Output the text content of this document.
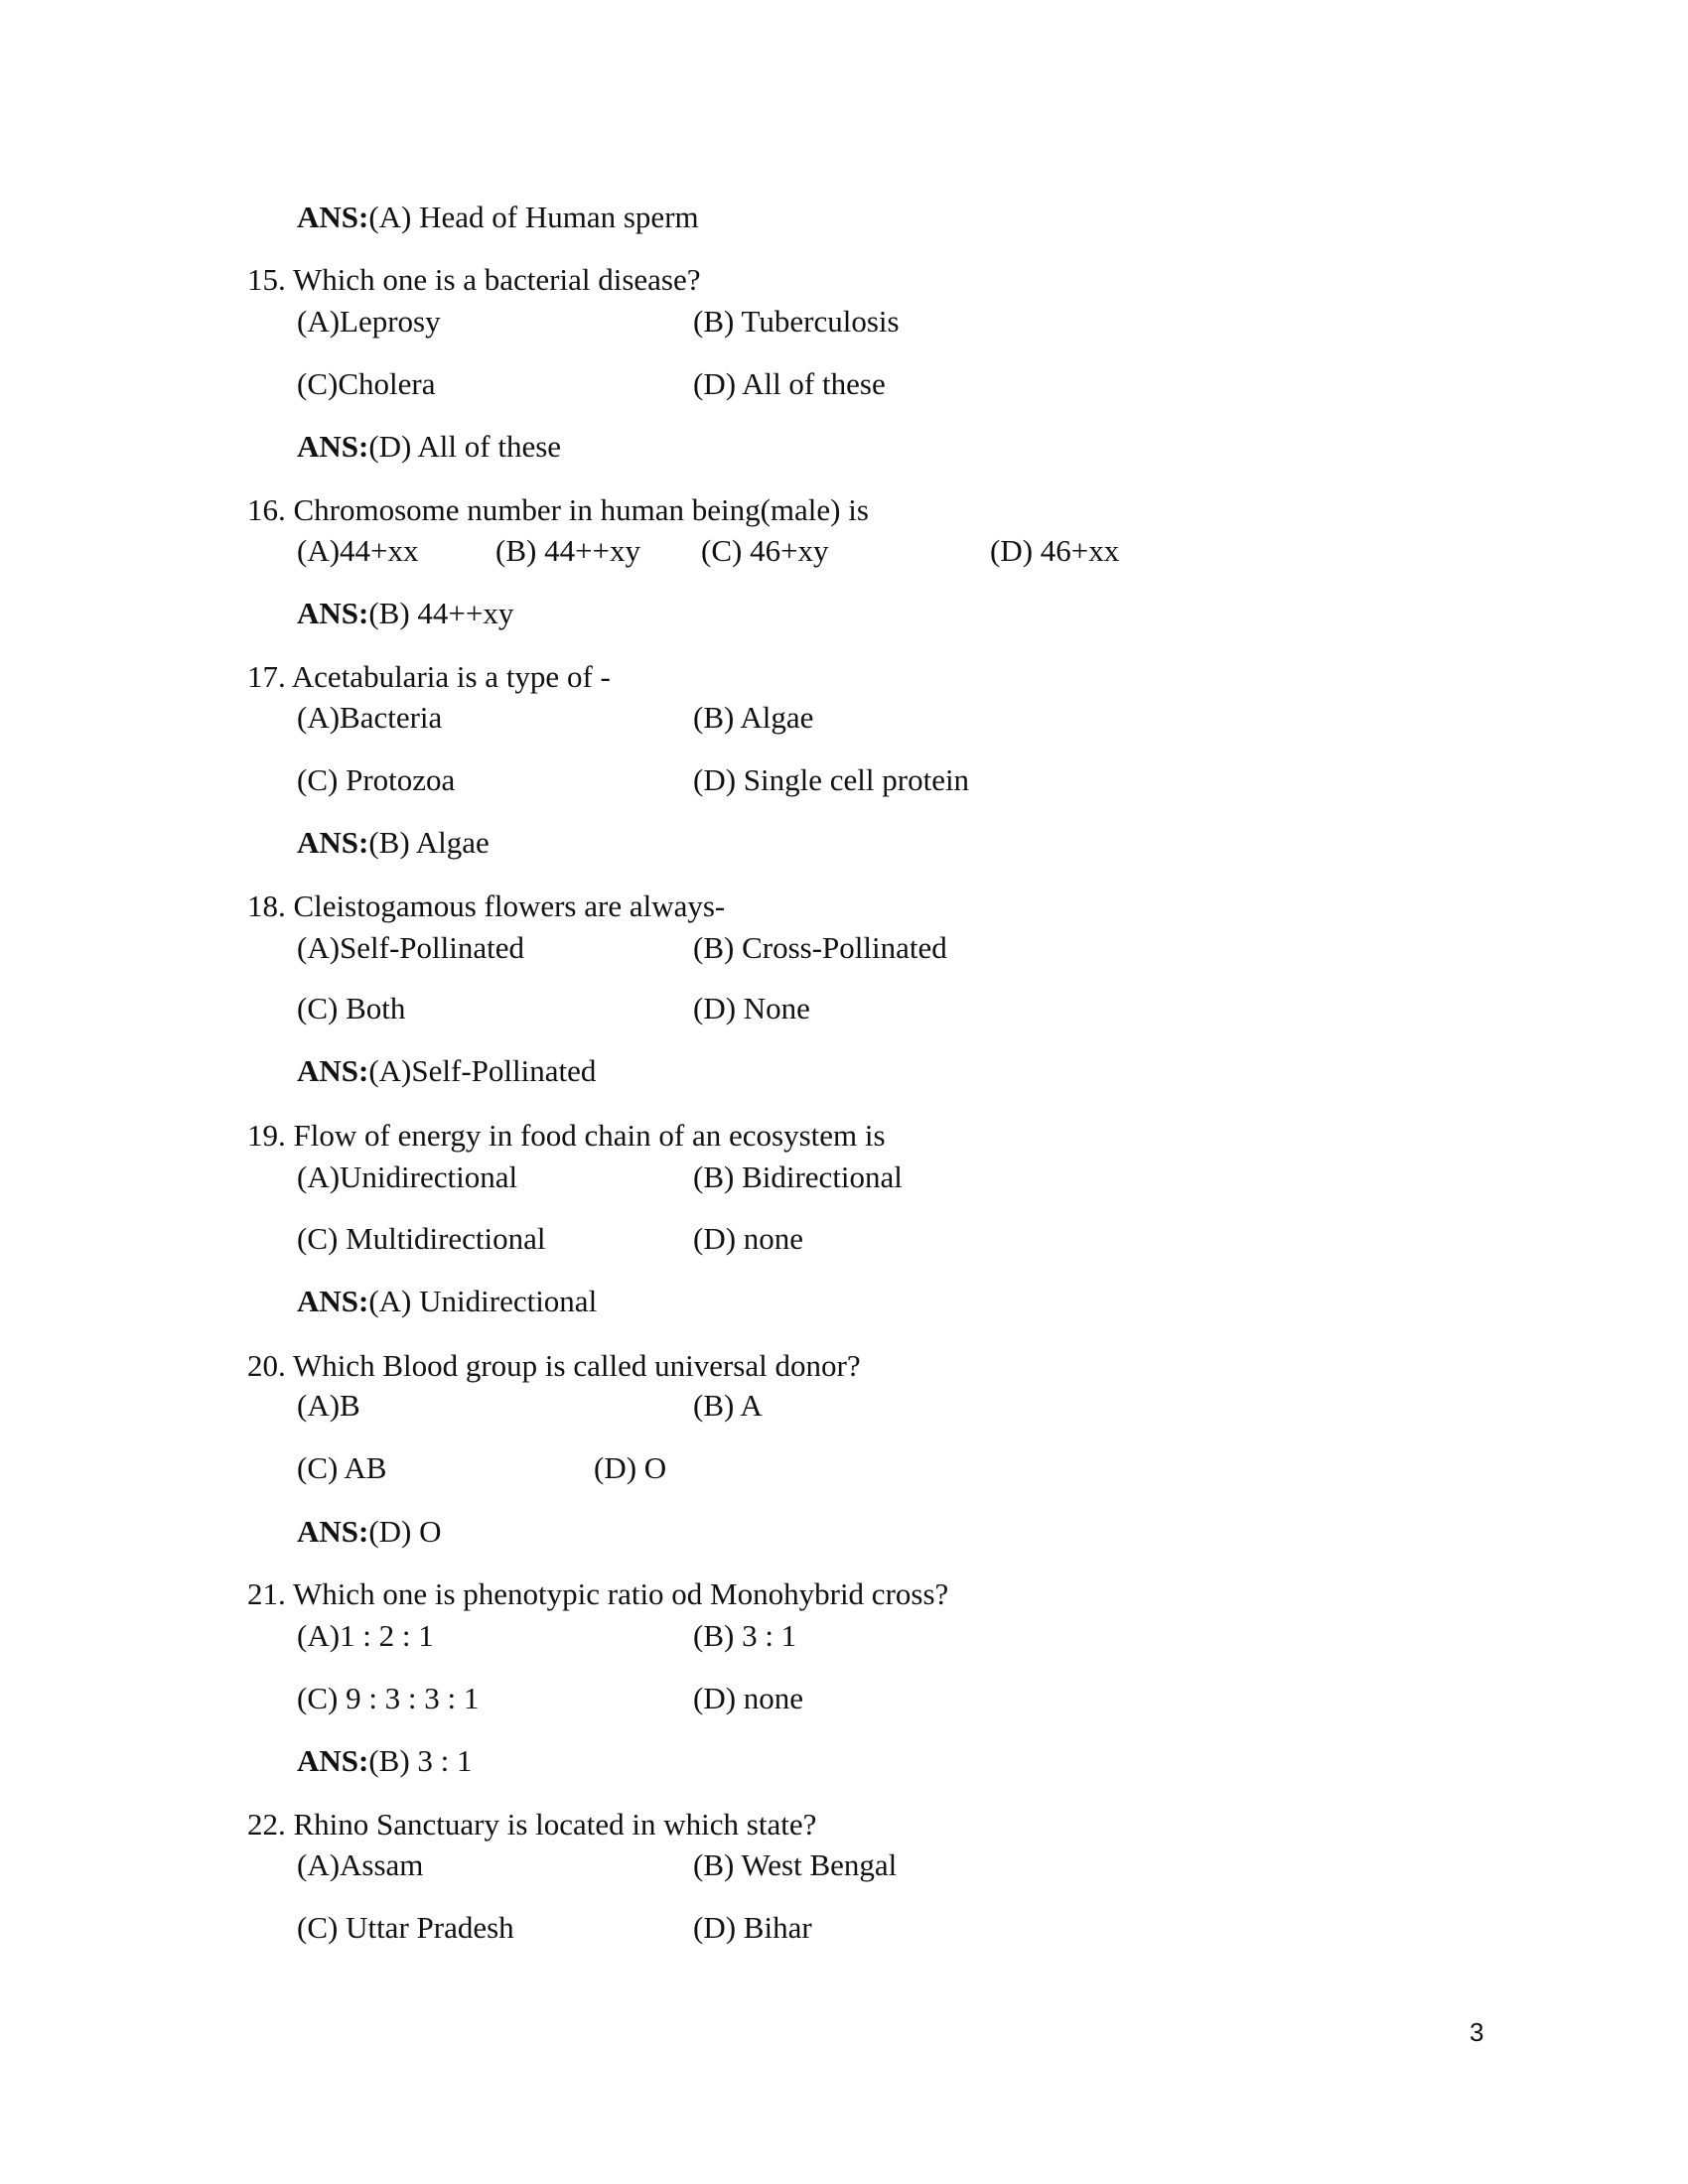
ANS:(A) Head of Human sperm
15. Which one is a bacterial disease?
(A)Leprosy	(B) Tuberculosis
(C)Cholera	(D) All of these
ANS:(D) All of these
16. Chromosome number in human being(male) is
(A)44+xx (B) 44++xy (C) 46+xy	(D) 46+xx
ANS:(B) 44++xy
17. Acetabularia is a type of -
(A)Bacteria	(B) Algae
(C) Protozoa	(D) Single cell protein
ANS:(B) Algae
18. Cleistogamous flowers are always-
(A)Self-Pollinated	(B) Cross-Pollinated
(C) Both	(D) None
ANS:(A)Self-Pollinated
19. Flow of energy in food chain of an ecosystem is
(A)Unidirectional	(B) Bidirectional
(C) Multidirectional	(D) none
ANS:(A) Unidirectional
20. Which Blood group is called universal donor?
(A)B	(B) A
(C) AB	(D) O
ANS:(D) O
21. Which one is phenotypic ratio od Monohybrid cross?
(A)1 : 2 : 1	(B) 3 : 1
(C) 9 : 3 : 3 : 1	(D) none
ANS:(B) 3 : 1
22. Rhino Sanctuary is located in which state?
(A)Assam	(B) West Bengal
(C) Uttar Pradesh	(D) Bihar
3
